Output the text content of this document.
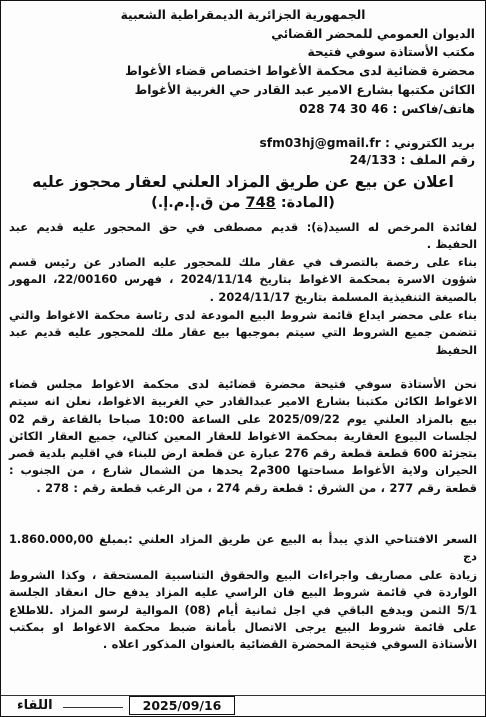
الجمهورية الجزائرية الديمقراطية الشعبية
الديوان العمومي للمحضر القضائي
مكتب الأستاذة سوفي فتيحة
محضرة قضائية لدى محكمة الأغواط اختصاص قضاء الأغواط
الكائن مكتبها بشارع الامير عبد القادر حي الغربية الأغواط
هاتف/فاكس : 028 74 30 46
بريد الكتروني : sfm03hj@gmail.fr
رقم الملف : 24/133
اعلان عن بيع عن طريق المزاد العلني لعقار محجوز عليه
(المادة: 748 من ق.إ.م.إ.)
لفائدة المرخص له السيد(ة): قديم مصطفى في حق المحجور عليه قديم عبد الحفيظ .
بناء على رخصة بالتصرف في عقار ملك للمحجور عليه الصادر عن رئيس قسم شؤون الاسرة بمحكمة الاغواط بتاريخ 2024/11/14 ، فهرس 22/00160، المهور بالصيغة التنفيذية المسلمة بتاريخ 2024/11/17 .
بناء على محضر ايداع قائمة شروط البيع المودعة لدى رئاسة محكمة الاغواط والتي تتضمن جميع الشروط التي سيتم بموجبها بيع عقار ملك للمحجور عليه قديم عبد الحفيظ
نحن الأستاذة سوفي فتيحة محضرة قضائية لدى محكمة الاغواط مجلس قضاء الاغواط الكائن مكتبنا بشارع الامير عبدالقادر حي الغربية الاغواط، نعلن انه سيتم بيع بالمزاد العلني يوم 2025/09/22 على الساعة 10:00 صباحا بالقاعة رقم 02 لجلسات البيوع العقارية بمحكمة الاغواط للعقار المعين كتالي، جميع العقار الكائن بتجزئة 600 قطعة قطعة رقم 276 عبارة عن قطعة ارض للبناء في اقليم بلدية قصر الحيران ولاية الأغواط مساحتها 300م2 يحدها من الشمال شارع ، من الجنوب : قطعة رقم 277 ، من الشرق : قطعة رقم 274 ، من الرغب قطعة رقم : 278 .
السعر الافتتاحي الذي يبدأ به البيع عن طريق المزاد العلني :بمبلغ 1.860.000,00 دج
زيادة على مصاريف واجراءات البيع والحقوق التناسبية المستحقة ، وكذا الشروط الواردة في قائمة شروط البيع فان الراسي عليه المزاد يدفع حال انعقاد الجلسة 5/1 الثمن ويدفع الباقي في اجل ثمانية أيام (08) الموالية لرسو المزاد .للاطلاع على قائمة شروط البيع يرجى الاتصال بأمانة ضبط محكمة الاغواط او بمكتب الأستاذة السوفي فتيحة المحضرة القضائية بالعنوان المذكور اعلاه .
اللقاء	2025/09/16
